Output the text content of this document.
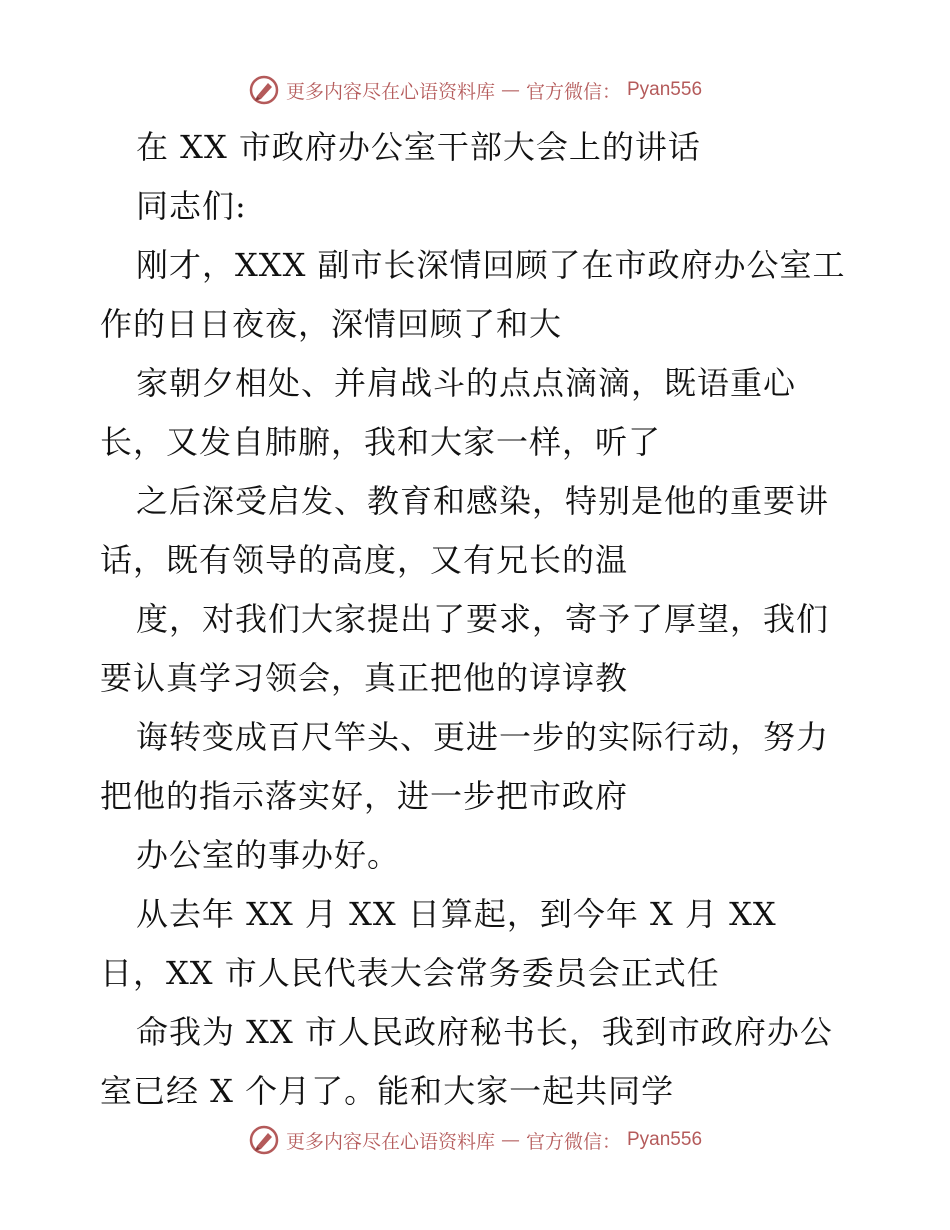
更多内容尽在心语资料库 — 官方微信： Pyan556
在 XX 市政府办公室干部大会上的讲话
同志们:
刚才，XXX 副市长深情回顾了在市政府办公室工
作的日日夜夜，深情回顾了和大
家朝夕相处、并肩战斗的点点滴滴，既语重心
长，又发自肺腑，我和大家一样，听了
之后深受启发、教育和感染，特别是他的重要讲
话，既有领导的高度，又有兄长的温
度，对我们大家提出了要求，寄予了厚望，我们
要认真学习领会，真正把他的谆谆教
诲转变成百尺竿头、更进一步的实际行动，努力
把他的指示落实好，进一步把市政府
办公室的事办好。
从去年 XX 月 XX 日算起，到今年 X 月 XX
日，XX 市人民代表大会常务委员会正式任
命我为 XX 市人民政府秘书长，我到市政府办公
室已经 X 个月了。能和大家一起共同学
更多内容尽在心语资料库 — 官方微信： Pyan556
